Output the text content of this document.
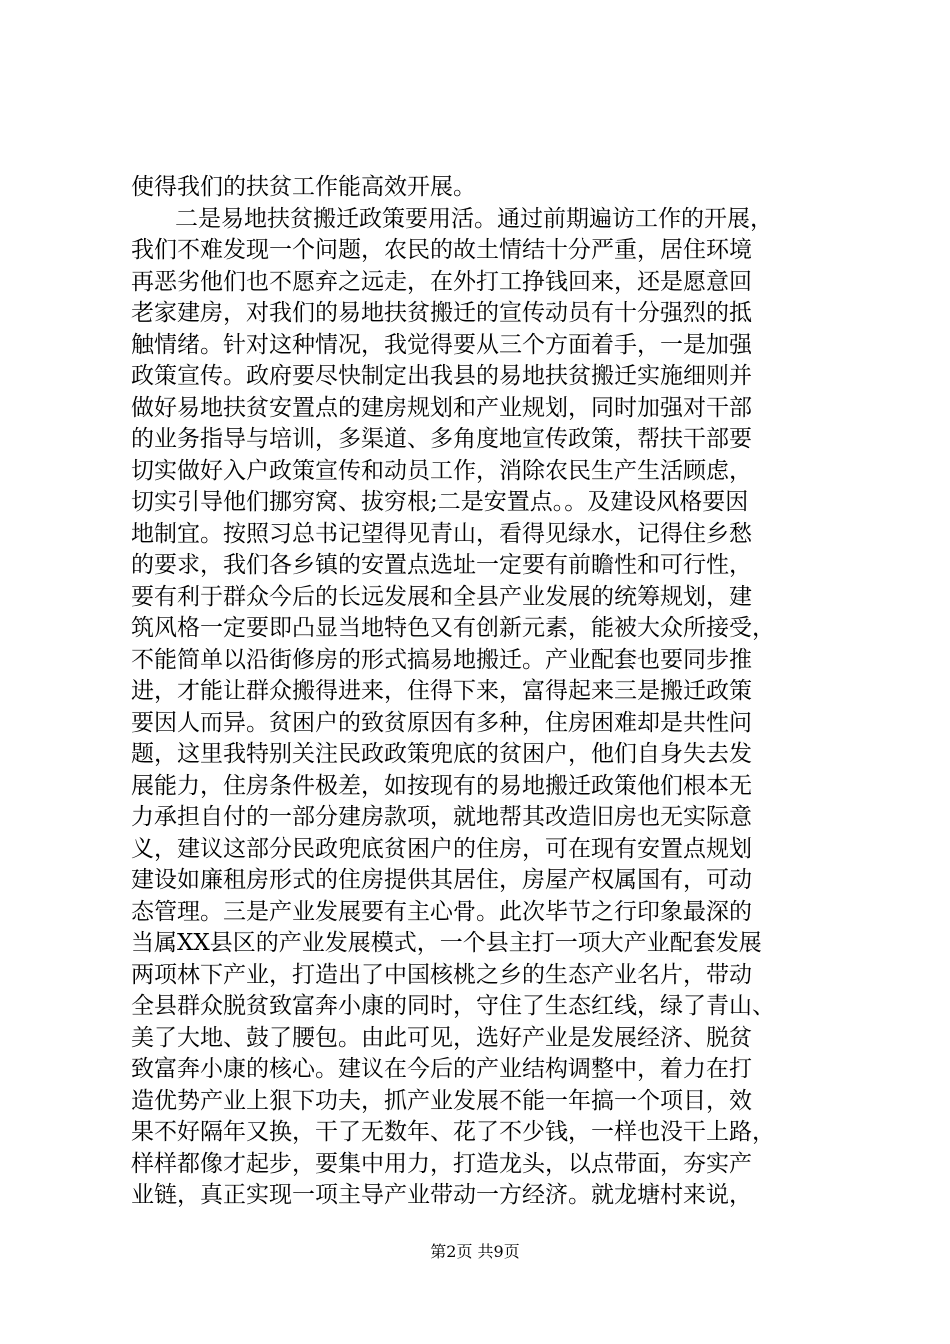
使得我们的扶贫工作能高效开展。
二是易地扶贫搬迁政策要用活。通过前期遍访工作的开展，
我们不难发现一个问题，农民的故土情结十分严重，居住环境
再恶劣他们也不愿弃之远走，在外打工挣钱回来，还是愿意回
老家建房，对我们的易地扶贫搬迁的宣传动员有十分强烈的抵
触情绪。针对这种情况，我觉得要从三个方面着手，一是加强
政策宣传。政府要尽快制定出我县的易地扶贫搬迁实施细则并
做好易地扶贫安置点的建房规划和产业规划，同时加强对干部
的业务指导与培训，多渠道、多角度地宣传政策，帮扶干部要
切实做好入户政策宣传和动员工作，消除农民生产生活顾虑，
切实引导他们挪穷窝、拔穷根;二是安置点。。及建设风格要因
地制宜。按照习总书记望得见青山，看得见绿水，记得住乡愁
的要求，我们各乡镇的安置点选址一定要有前瞻性和可行性，
要有利于群众今后的长远发展和全县产业发展的统筹规划，建
筑风格一定要即凸显当地特色又有创新元素，能被大众所接受，
不能简单以沿街修房的形式搞易地搬迁。产业配套也要同步推
进，才能让群众搬得进来，住得下来，富得起来三是搬迁政策
要因人而异。贫困户的致贫原因有多种，住房困难却是共性问
题，这里我特别关注民政政策兜底的贫困户，他们自身失去发
展能力，住房条件极差，如按现有的易地搬迁政策他们根本无
力承担自付的一部分建房款项，就地帮其改造旧房也无实际意
义，建议这部分民政兜底贫困户的住房，可在现有安置点规划
建设如廉租房形式的住房提供其居住，房屋产权属国有，可动
态管理。三是产业发展要有主心骨。此次毕节之行印象最深的
当属XX县区的产业发展模式，一个县主打一项大产业配套发展
两项林下产业，打造出了中国核桃之乡的生态产业名片，带动
全县群众脱贫致富奔小康的同时，守住了生态红线，绿了青山、
美了大地、鼓了腰包。由此可见，选好产业是发展经济、脱贫
致富奔小康的核心。建议在今后的产业结构调整中，着力在打
造优势产业上狠下功夫，抓产业发展不能一年搞一个项目，效
果不好隔年又换，干了无数年、花了不少钱，一样也没干上路，
样样都像才起步，要集中用力，打造龙头，以点带面，夯实产
业链，真正实现一项主导产业带动一方经济。就龙塘村来说，
第2页 共9页
